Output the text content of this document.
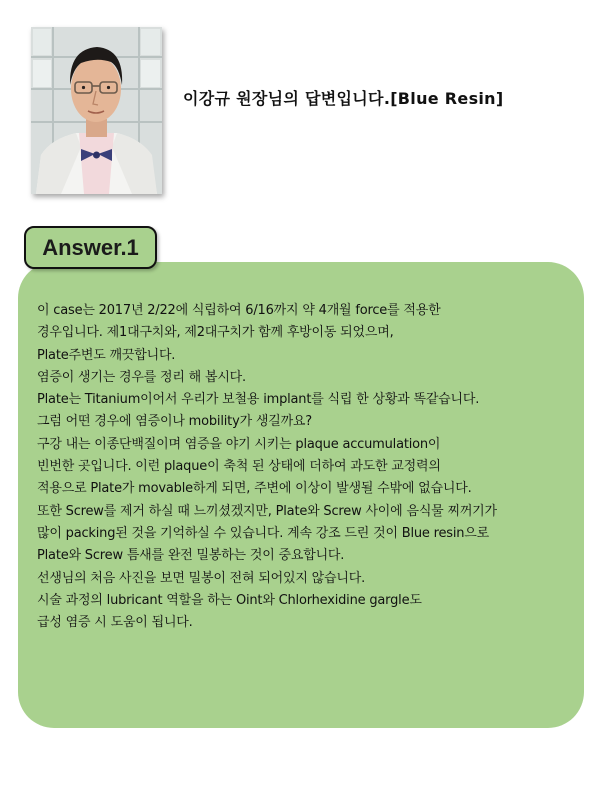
이강규 원장님의 답변입니다.[Blue Resin]
Answer.1
이 case는 2017년 2/22에 식립하여 6/16까지 약 4개월 force를 적용한
경우입니다. 제1대구치와, 제2대구치가 함께 후방이동 되었으며,
Plate주변도 깨끗합니다.
염증이 생기는 경우를 정리 해 봅시다.
Plate는 Titanium이어서 우리가 보철용 implant를 식립 한 상황과 똑같습니다.
그럼 어떤 경우에 염증이나 mobility가 생길까요?
구강 내는 이종단백질이며 염증을 야기 시키는 plaque accumulation이
빈번한 곳입니다. 이런 plaque이 축척 된 상태에 더하여 과도한 교정력의
적용으로 Plate가 movable하게 되면, 주변에 이상이 발생될 수밖에 없습니다.
또한 Screw를 제거 하실 때 느끼셨겠지만, Plate와 Screw 사이에 음식물 찌꺼기가
많이 packing된 것을 기억하실 수 있습니다. 계속 강조 드린 것이 Blue resin으로
Plate와 Screw 틈새를 완전 밀봉하는 것이 중요합니다.
선생님의 처음 사진을 보면 밀봉이 전혀 되어있지 않습니다.
시술 과정의 lubricant 역할을 하는 Oint와 Chlorhexidine gargle도
급성 염증 시 도움이 됩니다.
